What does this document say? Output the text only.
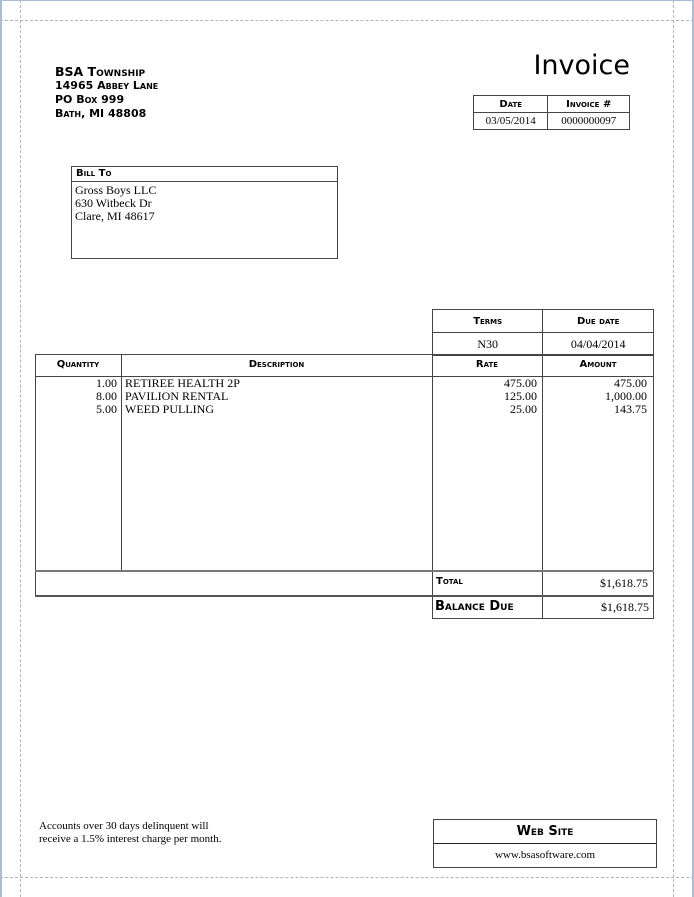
BSA Township
14965 Abbey Lane
PO Box 999
Bath, MI 48808
Invoice
Date	Invoice #
03/05/2014	0000000097
Bill To
Gross Boys LLC
630 Witbeck Dr
Clare, MI 48617
Terms	Due date
N30	04/04/2014
Quantity	Description	Rate	Amount
1.00 RETIREE HEALTH 2P	475.00	475.00
8.00 PAVILION RENTAL	125.00	1,000.00
5.00 WEED PULLING	25.00	143.75
Total	$1,618.75
Balance Due	$1,618.75
Accounts over 30 days delinquent will
receive a 1.5% interest charge per month.	Web Site
www.bsasoftware.com
